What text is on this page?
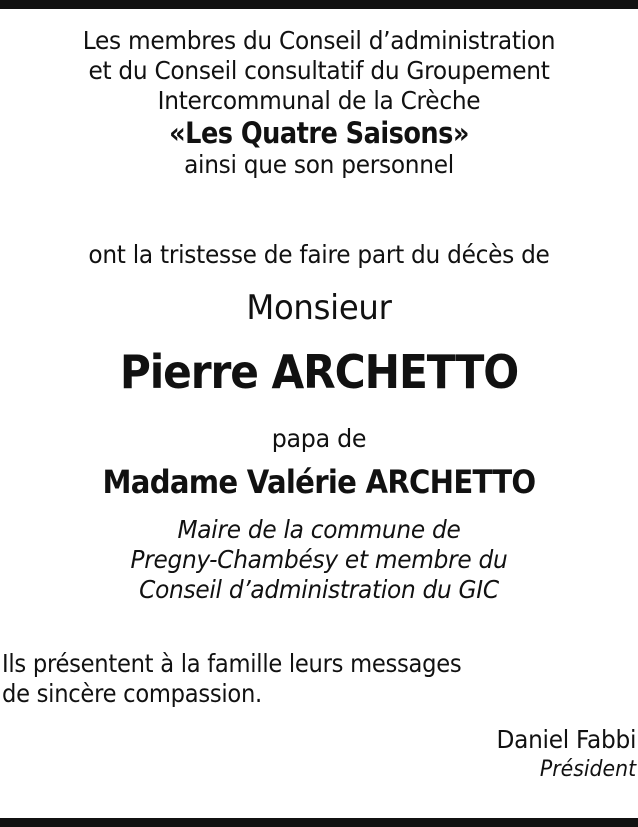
Les membres du Conseil d’administration
et du Conseil consultatif du Groupement
Intercommunal de la Crèche
«Les Quatre Saisons»
ainsi que son personnel
ont la tristesse de faire part du décès de
Monsieur
Pierre ARCHETTO
papa de
Madame Valérie ARCHETTO
Maire de la commune de
Pregny-Chambésy et membre du
Conseil d’administration du GIC
Ils présentent à la famille leurs messages
de sincère compassion.
Daniel Fabbi
Président
